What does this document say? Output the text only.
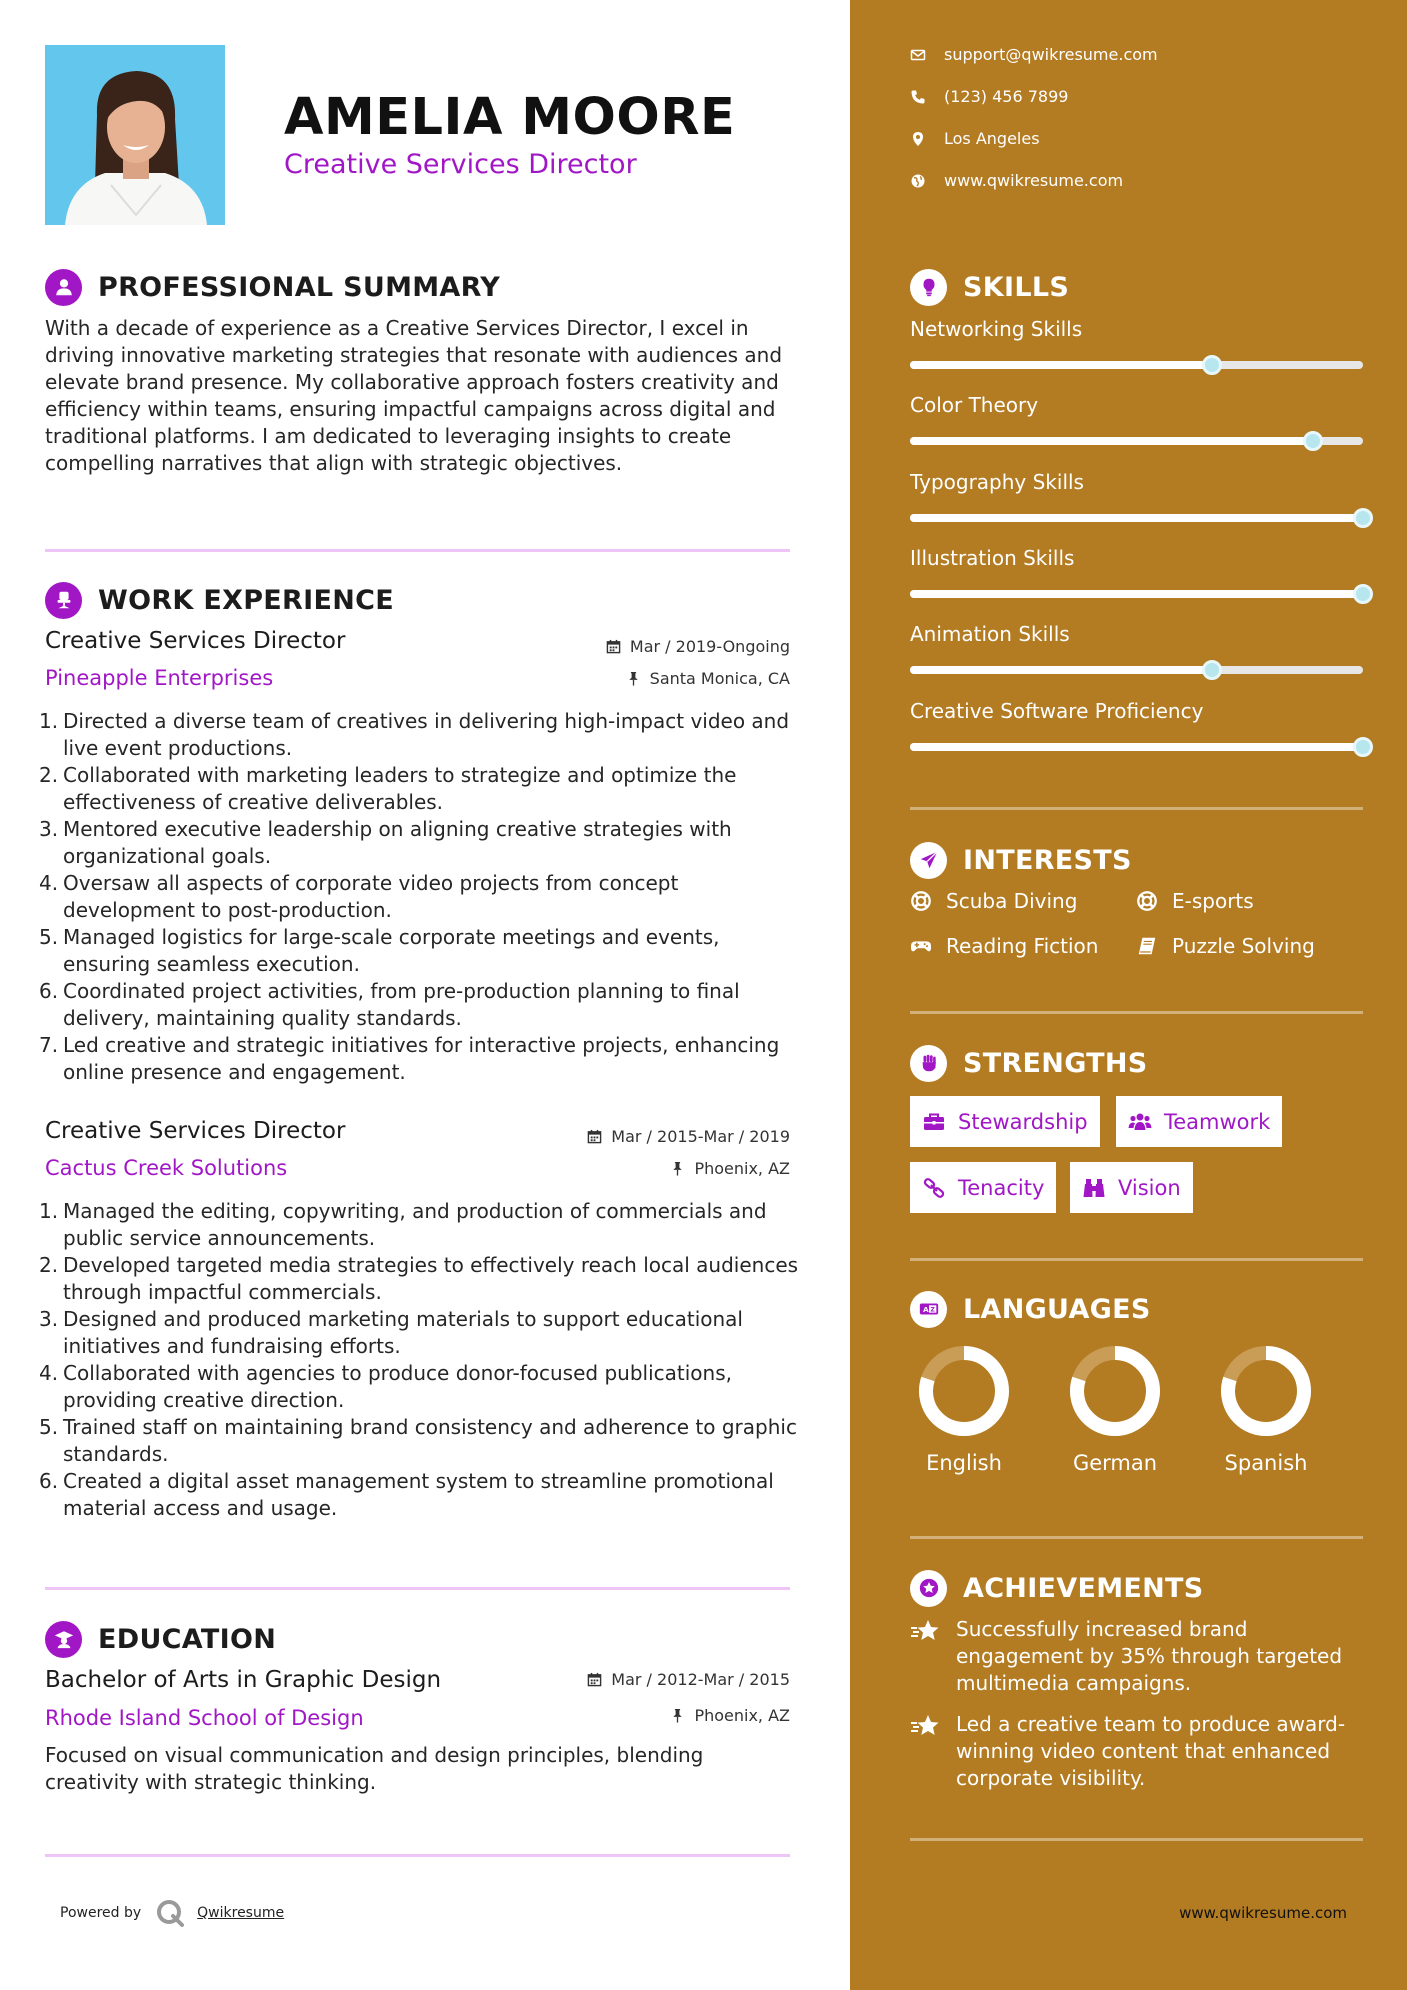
AMELIA MOORE
Creative Services Director
PROFESSIONAL SUMMARY
With a decade of experience as a Creative Services Director, I excel in driving innovative marketing strategies that resonate with audiences and elevate brand presence. My collaborative approach fosters creativity and efficiency within teams, ensuring impactful campaigns across digital and traditional platforms. I am dedicated to leveraging insights to create compelling narratives that align with strategic objectives.
WORK EXPERIENCE
Creative Services Director	Mar / 2019-Ongoing
Pineapple Enterprises	Santa Monica, CA
1. Directed a diverse team of creatives in delivering high-impact video and live event productions.
2. Collaborated with marketing leaders to strategize and optimize the effectiveness of creative deliverables.
3. Mentored executive leadership on aligning creative strategies with organizational goals.
4. Oversaw all aspects of corporate video projects from concept development to post-production.
5. Managed logistics for large-scale corporate meetings and events, ensuring seamless execution.
6. Coordinated project activities, from pre-production planning to final delivery, maintaining quality standards.
7. Led creative and strategic initiatives for interactive projects, enhancing online presence and engagement.
Creative Services Director	Mar / 2015-Mar / 2019
Cactus Creek Solutions	Phoenix, AZ
1. Managed the editing, copywriting, and production of commercials and public service announcements.
2. Developed targeted media strategies to effectively reach local audiences through impactful commercials.
3. Designed and produced marketing materials to support educational initiatives and fundraising efforts.
4. Collaborated with agencies to produce donor-focused publications, providing creative direction.
5. Trained staff on maintaining brand consistency and adherence to graphic standards.
6. Created a digital asset management system to streamline promotional material access and usage.
EDUCATION
Bachelor of Arts in Graphic Design	Mar / 2012-Mar / 2015
Rhode Island School of Design	Phoenix, AZ
Focused on visual communication and design principles, blending creativity with strategic thinking.
Powered by	Qwikresume
support@qwikresume.com
(123) 456 7899
Los Angeles
www.qwikresume.com
SKILLS
Networking Skills
Color Theory
Typography Skills
Illustration Skills
Animation Skills
Creative Software Proficiency
INTERESTS
Scuba Diving	E-sports
Reading Fiction	Puzzle Solving
STRENGTHS
Stewardship	Teamwork
Tenacity	Vision
A Z LANGUAGES
English	German	Spanish
ACHIEVEMENTS
Successfully increased brand engagement by 35% through targeted multimedia campaigns.
Led a creative team to produce award-winning video content that enhanced corporate visibility.
www.qwikresume.com
